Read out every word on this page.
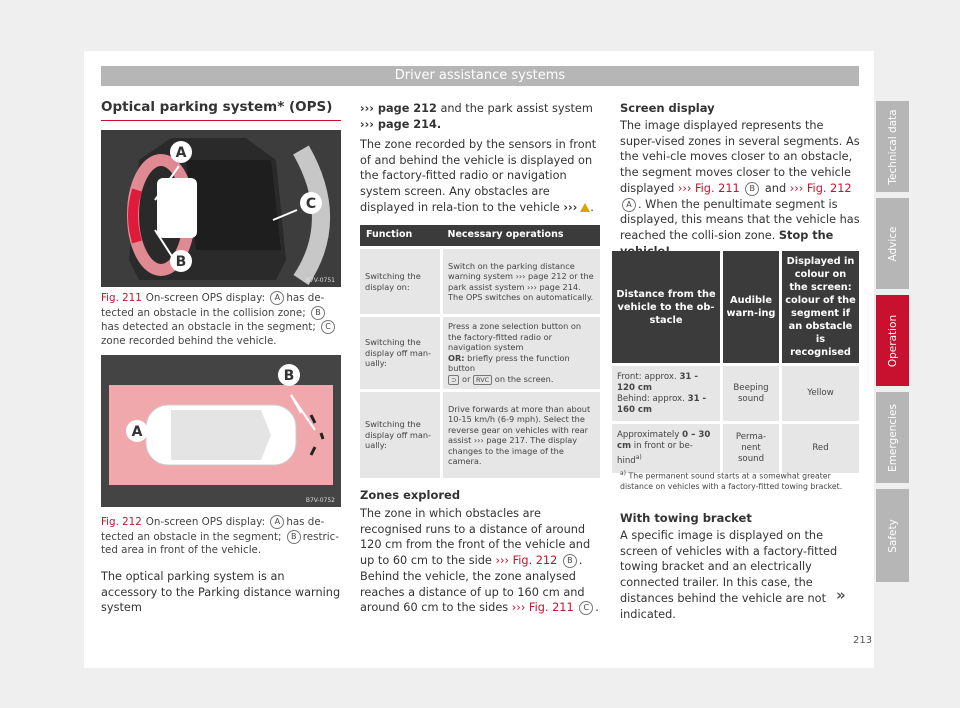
Driver assistance systems
Optical parking system* (OPS)
A
C
B
B7V-0751
Fig. 211 On-screen OPS display: A has de-tected an obstacle in the collision zone; Bhas detected an obstacle in the segment; Czone recorded behind the vehicle.
A
B
B7V-0752
Fig. 212 On-screen OPS display: A has de-tected an obstacle in the segment; B restric-ted area in front of the vehicle.
The optical parking system is an accessory to the Parking distance warning system
››› page 212 and the park assist system ››› page 214.
The zone recorded by the sensors in front of and behind the vehicle is displayed on the factory-fitted radio or navigation system screen. Any obstacles are displayed in rela-tion to the vehicle ››› .
Function	Necessary operations
Switching the display on:	Switch on the parking distance warning system ››› page 212 or the park assist system ››› page 214. The OPS switches on automatically.
Switching the display off man-ually:	Press a zone selection button on the factory-fitted radio or navigation system
OR: briefly press the function button
⊃ or RVC on the screen.
Switching the display off man-ually:	Drive forwards at more than about 10-15 km/h (6-9 mph). Select the reverse gear on vehicles with rear assist ››› page 217. The display changes to the image of the camera.
Zones explored
The zone in which obstacles are recognised runs to a distance of around 120 cm from the front of the vehicle and up to 60 cm to the side ››› Fig. 212 B . Behind the vehicle, the zone analysed reaches a distance of up to 160 cm and around 60 cm to the sides ››› Fig. 211 C .
Screen display
The image displayed represents the super-vised zones in several segments. As the vehi-cle moves closer to an obstacle, the segment moves closer to the vehicle displayed ››› Fig. 211 B and ››› Fig. 212 A . When the penultimate segment is displayed, this means that the vehicle has reached the colli-sion zone. Stop the
Distance from the vehicle to the ob-stacle	Audible warn-ing	Displayed in colour on the screen: colour of the segment if an obstacle is recognised
Front: approx. 31 - 120 cm
Behind: approx. 31 - 160 cm	Beeping sound	Yellow
Approximately 0 – 30 cm in front or be-hind$^{a)}$	Perma-nent sound	Red
$^{a)}$ The permanent sound starts at a somewhat greater distance on vehicles with a factory-fitted towing bracket.
With towing bracket
A specific image is displayed on the screen of vehicles with a factory-fitted towing bracket and an electrically connected trailer. In this case, the distances behind the vehicle are not indicated.
»
213
Technical data
Advice
Operation
Emergencies
Safety
